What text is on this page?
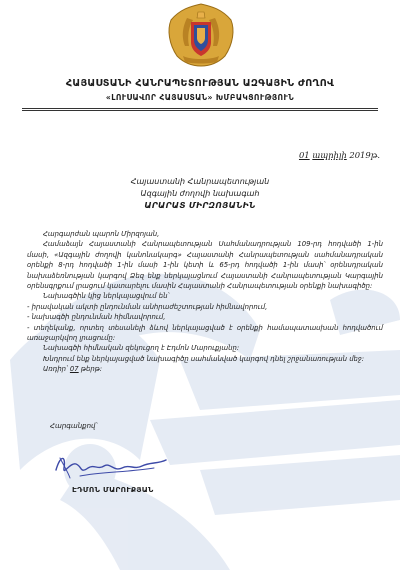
ՀԱՅԱՍՏԱՆԻ ՀԱՆՐԱՊԵՏՈՒԹՅԱՆ ԱԶԳԱՅԻՆ ԺՈՂՈՎ
«ԼՈՒՍԱՎՈՐ ՀԱՅԱՍՏԱՆ» ԽՄԲԱԿՑՈՒԹՅՈՒՆ
01 ապրիլի 2019թ.
Հայաստանի Հանրապետության
Ազգային ժողովի նախագահ
ԱՐԱՐԱՏ ՄԻՐԶՈՅԱՆԻՆ

Հարգարժան պարոն Միրզոյան,

Համաձայն Հայաստանի Հանրապետության Սահմանադրության 109-րդ հոդվածի 1-ին մասի, «Ազգային ժողովի կանոնակարգ» Հայաստանի Հանրապետության սահմանադրական օրենքի 8-րդ հոդվածի 1-ին մասի 1-ին կետի և 65-րդ հոդվածի 1-ին մասի՝ օրենսդրական նախաձեռնության կարգով Ձեզ ենք ներկայացնում Հայաստանի Հանրապետության Կարգային օրենսգրքում լրացում կատարելու մասին Հայաստանի Հանրապետության օրենքի նախագիծը:

Նախագծին կից ներկայացվում են՝

- իրավական ակտի ընդունման անհրաժեշտության հիմնավորում,

- նախագծի ընդունման հիմնավորում,

- տեղեկանք, որտեղ տեսանելի ձևով ներկայացված է օրենքի համապատասխան հոդվածում առաջարկվող լրացումը:

Նախագծի հիմնական զեկուցող է Էդմոն Մարուքյանը:

Խնդրում ենք ներկայացված նախագիծը սահմանված կարգով դնել շրջանառության մեջ:

Առդիր՝ 07 թերթ:

Հարգանքով՝
ԷԴՄՈՆ ՄԱՐՈՒՔՅԱՆ
